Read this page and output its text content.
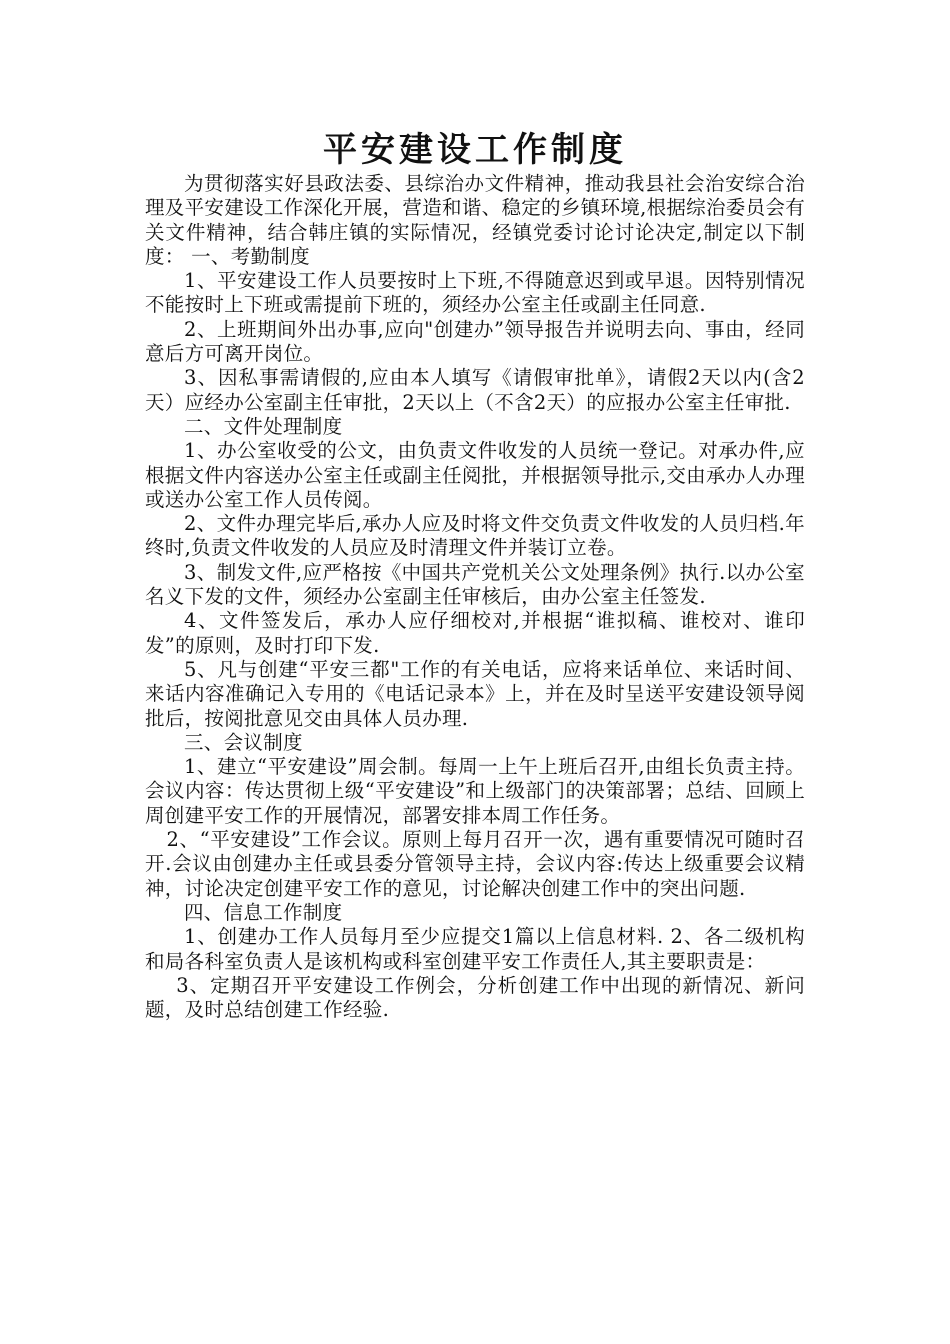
平安建设工作制度

为贯彻落实好县政法委、县综治办文件精神，推动我县社会治安综合治理及平安建设工作深化开展，营造和谐、稳定的乡镇环境,根据综治委员会有关文件精神，结合韩庄镇的实际情况，经镇党委讨论讨论决定,制定以下制度： 一、考勤制度

1、平安建设工作人员要按时上下班,不得随意迟到或早退。因特别情况不能按时上下班或需提前下班的，须经办公室主任或副主任同意.

2、上班期间外出办事,应向"创建办”领导报告并说明去向、事由，经同意后方可离开岗位。

3、因私事需请假的,应由本人填写《请假审批单》，请假2天以内(含2天）应经办公室副主任审批，2天以上（不含2天）的应报办公室主任审批.

二、文件处理制度

1、办公室收受的公文，由负责文件收发的人员统一登记。对承办件,应根据文件内容送办公室主任或副主任阅批，并根据领导批示,交由承办人办理或送办公室工作人员传阅。

2、文件办理完毕后,承办人应及时将文件交负责文件收发的人员归档.年终时,负责文件收发的人员应及时清理文件并装订立卷。

3、制发文件,应严格按《中国共产党机关公文处理条例》执行.以办公室名义下发的文件，须经办公室副主任审核后，由办公室主任签发.

4、文件签发后，承办人应仔细校对,并根据“谁拟稿、谁校对、谁印发”的原则，及时打印下发.

5、凡与创建“平安三都"工作的有关电话，应将来话单位、来话时间、来话内容准确记入专用的《电话记录本》上，并在及时呈送平安建设领导阅批后，按阅批意见交由具体人员办理.

三、会议制度

1、建立“平安建设”周会制。每周一上午上班后召开,由组长负责主持。会议内容：传达贯彻上级“平安建设”和上级部门的决策部署；总结、回顾上周创建平安工作的开展情况，部署安排本周工作任务。

2、“平安建设”工作会议。原则上每月召开一次，遇有重要情况可随时召开.会议由创建办主任或县委分管领导主持，会议内容:传达上级重要会议精神，讨论决定创建平安工作的意见，讨论解决创建工作中的突出问题.

四、信息工作制度

1、创建办工作人员每月至少应提交1篇以上信息材料. 2、各二级机构和局各科室负责人是该机构或科室创建平安工作责任人,其主要职责是：

3、定期召开平安建设工作例会，分析创建工作中出现的新情况、新问题，及时总结创建工作经验.
